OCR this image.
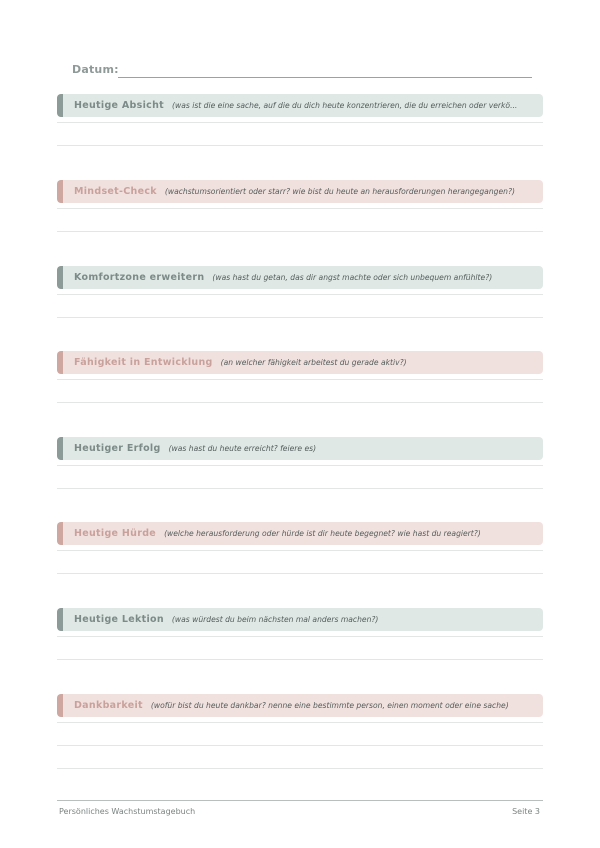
Datum:
Heutige Absicht (was ist die eine sache, auf die du dich heute konzentrieren, die du erreichen oder verkö...
Mindset-Check (wachstumsorientiert oder starr? wie bist du heute an herausforderungen herangegangen?)
Komfortzone erweitern (was hast du getan, das dir angst machte oder sich unbequem anfühlte?)
Fähigkeit in Entwicklung (an welcher fähigkeit arbeitest du gerade aktiv?)
Heutiger Erfolg (was hast du heute erreicht? feiere es)
Heutige Hürde (welche herausforderung oder hürde ist dir heute begegnet? wie hast du reagiert?)
Heutige Lektion (was würdest du beim nächsten mal anders machen?)
Dankbarkeit (wofür bist du heute dankbar? nenne eine bestimmte person, einen moment oder eine sache)
Persönliches Wachstumstagebuch	Seite 3
